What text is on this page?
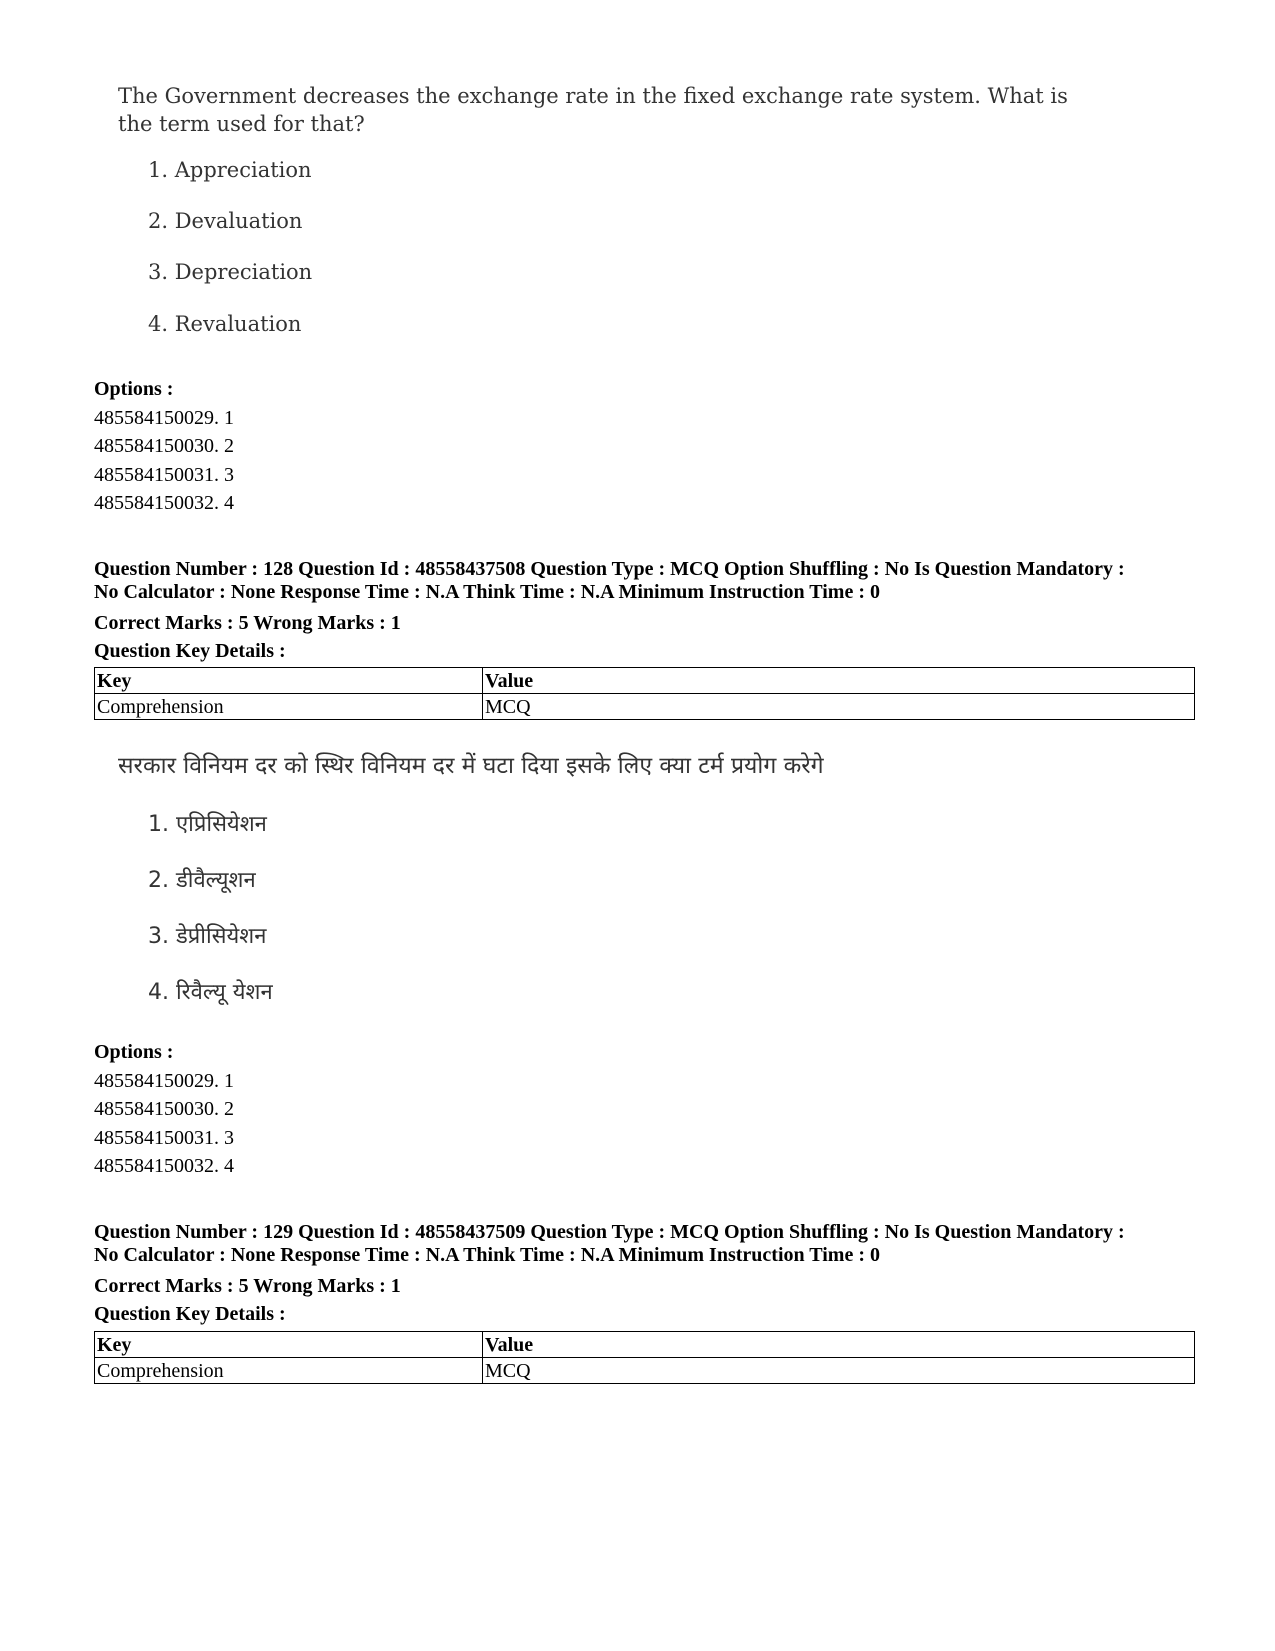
The Government decreases the exchange rate in the fixed exchange rate system. What is the term used for that?
1. Appreciation
2. Devaluation
3. Depreciation
4. Revaluation
Options :
485584150029. 1
485584150030. 2
485584150031. 3
485584150032. 4
Question Number : 128 Question Id : 48558437508 Question Type : MCQ Option Shuffling : No Is Question Mandatory :
No Calculator : None Response Time : N.A Think Time : N.A Minimum Instruction Time : 0
Correct Marks : 5 Wrong Marks : 1
Question Key Details :
Key	Value
Comprehension	MCQ
सरकार विनियम दर को स्थिर विनियम दर में घटा दिया इसके लिए क्या टर्म प्रयोग करेगे
1. एप्रिसियेशन
2. डीवैल्यूशन
3. डेप्रीसियेशन
4. रिवैल्यू येशन
Options :
485584150029. 1
485584150030. 2
485584150031. 3
485584150032. 4
Question Number : 129 Question Id : 48558437509 Question Type : MCQ Option Shuffling : No Is Question Mandatory :
No Calculator : None Response Time : N.A Think Time : N.A Minimum Instruction Time : 0
Correct Marks : 5 Wrong Marks : 1
Question Key Details :
Key	Value
Comprehension	MCQ
